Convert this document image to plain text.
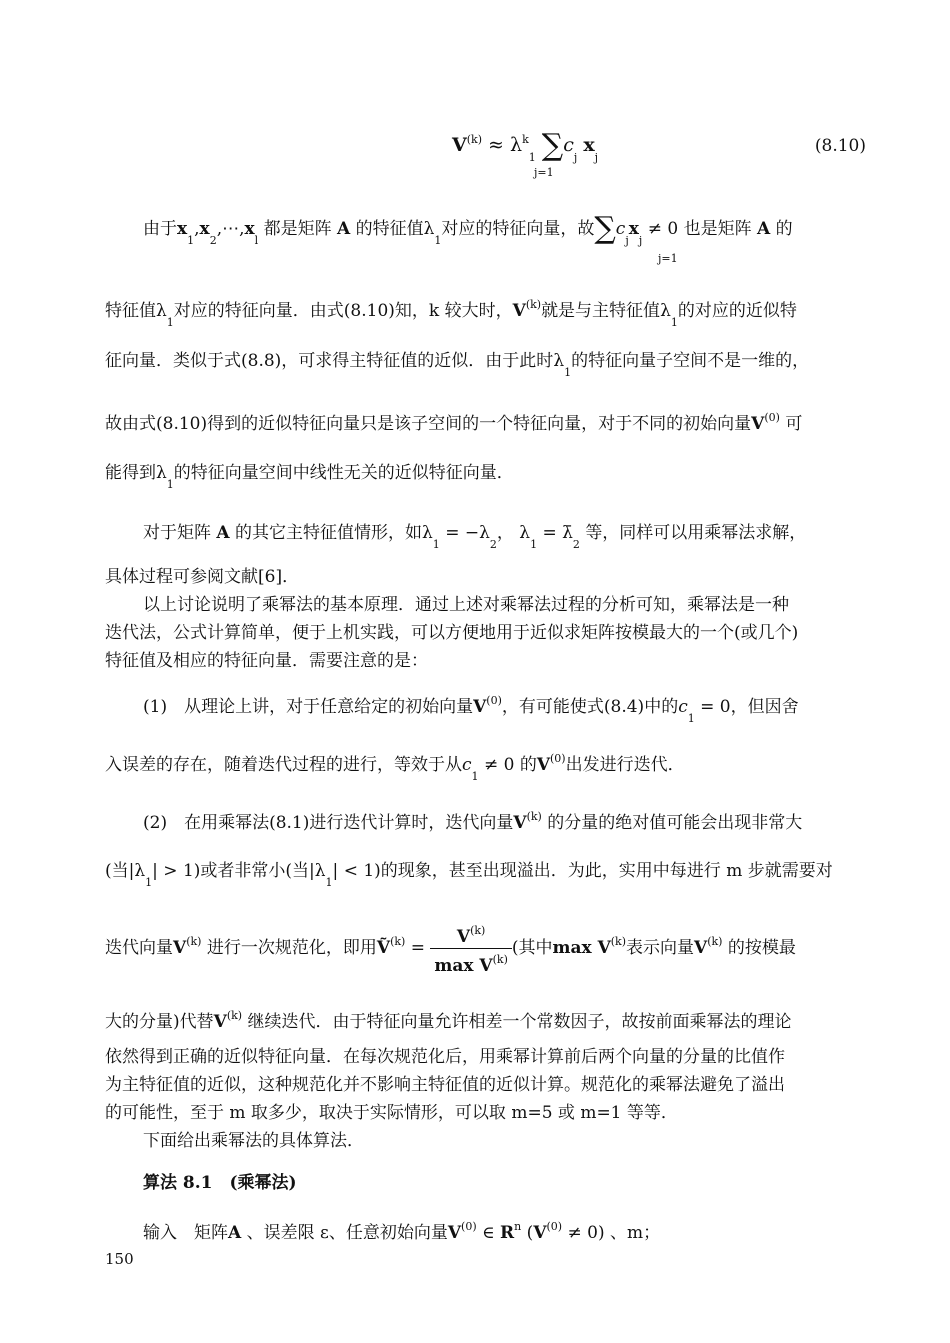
$V^{(k)} \approx \lambda^k_1$ $\sum c_j$ $x_j$
j=1
(8.10)
由于$x_1,x_2,\cdots,x_l$ 都是矩阵 A 的特征值$\lambda_1$对应的特征向量，故$\sum c_jx_j \ne 0$ 也是矩阵 A 的
j=1
特征值$\lambda_1$对应的特征向量．由式(8.10)知，k 较大时，$V^{(k)}$就是与主特征值$\lambda_1$的对应的近似特
征向量．类似于式(8.8)，可求得主特征值的近似．由于此时$\lambda_1$的特征向量子空间不是一维的，
故由式(8.10)得到的近似特征向量只是该子空间的一个特征向量，对于不同的初始向量$V^{(0)}$ 可
能得到$\lambda_1$的特征向量空间中线性无关的近似特征向量．
对于矩阵 A 的其它主特征值情形，如$\lambda_1 = -\lambda_2$， $\lambda_1$ = $\lambdā_2$ 等，同样可以用乘幂法求解，
具体过程可参阅文献[6]．
以上讨论说明了乘幂法的基本原理．通过上述对乘幂法过程的分析可知，乘幂法是一种
迭代法，公式计算简单，便于上机实践，可以方便地用于近似求矩阵按模最大的一个(或几个)
特征值及相应的特征向量．需要注意的是：
(1)　从理论上讲，对于任意给定的初始向量$V^{(0)}$，有可能使式(8.4)中的$c_1 = 0$，但因舍
入误差的存在，随着迭代过程的进行，等效于从$c_1 \ne 0$ 的$V^{(0)}$出发进行迭代．
(2)　在用乘幂法(8.1)进行迭代计算时，迭代向量$V^{(k)}$ 的分量的绝对值可能会出现非常大
(当$|\lambda_1| > 1$)或者非常小(当$|\lambda_1| < 1$)的现象，甚至出现溢出．为此，实用中每进行 m 步就需要对
迭代向量$V^{(k)}$ 进行一次规范化，即用Ṽ$^{(k)}$ = $\frac{V^{(k)}}{\max V^{(k)}}$ (其中$\max V^{(k)}$表示向量$V^{(k)}$ 的按模最
大的分量)代替$V^{(k)}$ 继续迭代．由于特征向量允许相差一个常数因子，故按前面乘幂法的理论
依然得到正确的近似特征向量．在每次规范化后，用乘幂计算前后两个向量的分量的比值作
为主特征值的近似，这种规范化并不影响主特征值的近似计算。规范化的乘幂法避免了溢出
的可能性，至于 m 取多少，取决于实际情形，可以取 m=5 或 m=1 等等．
下面给出乘幂法的具体算法．
算法 8.1　(乘幂法)
输入　矩阵A 、误差限 ε、任意初始向量$V^{(0)}$ ∈ $R^n$ $(V^{(0)} \ne 0)$ 、m；
150
